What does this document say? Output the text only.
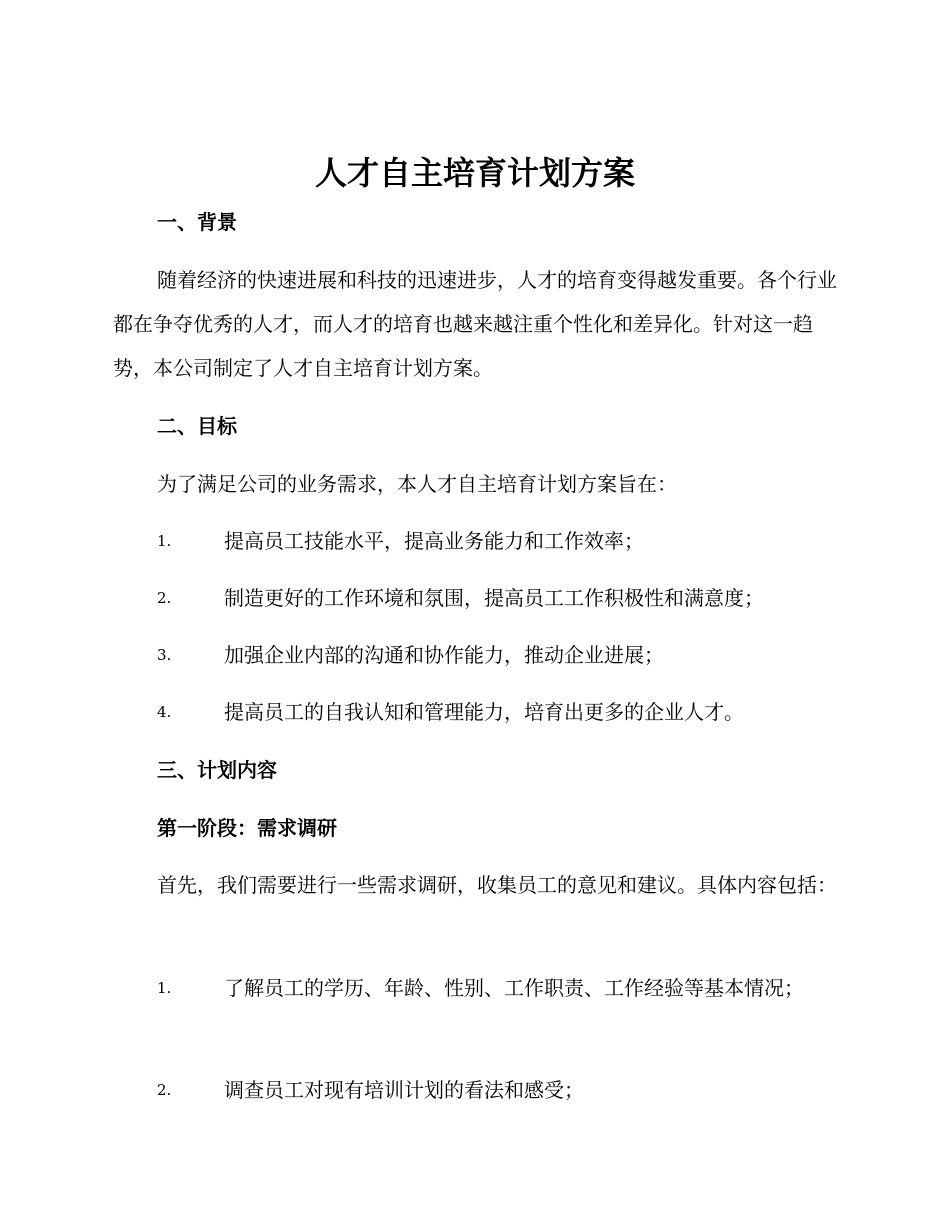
人才自主培育计划方案
一、背景
随着经济的快速进展和科技的迅速进步，人才的培育变得越发重要。各个行业都在争夺优秀的人才，而人才的培育也越来越注重个性化和差异化。针对这一趋势，本公司制定了人才自主培育计划方案。
二、目标
为了满足公司的业务需求，本人才自主培育计划方案旨在：
1.	提高员工技能水平，提高业务能力和工作效率；
2.	制造更好的工作环境和氛围，提高员工工作积极性和满意度；
3.	加强企业内部的沟通和协作能力，推动企业进展；
4.	提高员工的自我认知和管理能力，培育出更多的企业人才。
三、计划内容
第一阶段：需求调研
首先，我们需要进行一些需求调研，收集员工的意见和建议。具体内容包括：
1.	了解员工的学历、年龄、性别、工作职责、工作经验等基本情况；
2.	调查员工对现有培训计划的看法和感受；
